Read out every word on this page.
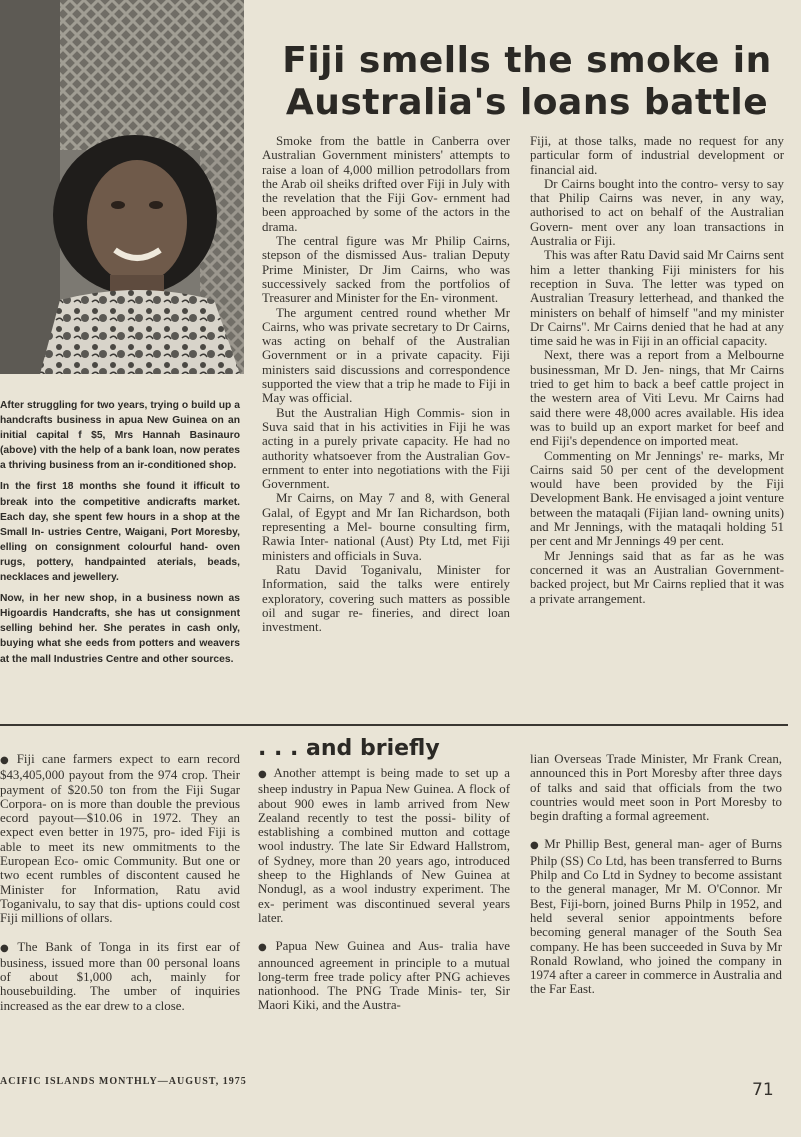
After struggling for two years, trying o build up a handcrafts business in apua New Guinea on an initial capital f $5, Mrs Hannah Basinauro (above) vith the help of a bank loan, now perates a thriving business from an ir-conditioned shop.

In the first 18 months she found it ifficult to break into the competitive andicrafts market. Each day, she spent few hours in a shop at the Small In- ustries Centre, Waigani, Port Moresby, elling on consignment colourful hand- oven rugs, pottery, handpainted aterials, beads, necklaces and jewellery.

Now, in her new shop, in a business nown as Higoardis Handcrafts, she has ut consignment selling behind her. She perates in cash only, buying what she eeds from potters and weavers at the mall Industries Centre and other sources.

Fiji smells the smoke in
Australia's loans battle

Smoke from the battle in Canberra over Australian Government ministers' attempts to raise a loan of 4,000 million petrodollars from the Arab oil sheiks drifted over Fiji in July with the revelation that the Fiji Gov- ernment had been approached by some of the actors in the drama.

The central figure was Mr Philip Cairns, stepson of the dismissed Aus- tralian Deputy Prime Minister, Dr Jim Cairns, who was successively sacked from the portfolios of Treasurer and Minister for the En- vironment.

The argument centred round whether Mr Cairns, who was private secretary to Dr Cairns, was acting on behalf of the Australian Government or in a private capacity. Fiji ministers said discussions and correspondence supported the view that a trip he made to Fiji in May was official.

But the Australian High Commis- sion in Suva said that in his activities in Fiji he was acting in a purely private capacity. He had no authority whatsoever from the Australian Gov- ernment to enter into negotiations with the Fiji Government.

Mr Cairns, on May 7 and 8, with General Galal, of Egypt and Mr Ian Richardson, both representing a Mel- bourne consulting firm, Rawia Inter- national (Aust) Pty Ltd, met Fiji ministers and officials in Suva.

Ratu David Toganivalu, Minister for Information, said the talks were entirely exploratory, covering such matters as possible oil and sugar re- fineries, and direct loan investment.

Fiji, at those talks, made no request for any particular form of industrial development or financial aid.

Dr Cairns bought into the contro- versy to say that Philip Cairns was never, in any way, authorised to act on behalf of the Australian Govern- ment over any loan transactions in Australia or Fiji.

This was after Ratu David said Mr Cairns sent him a letter thanking Fiji ministers for his reception in Suva. The letter was typed on Australian Treasury letterhead, and thanked the ministers on behalf of himself "and my minister Dr Cairns". Mr Cairns denied that he had at any time said he was in Fiji in an official capacity.

Next, there was a report from a Melbourne businessman, Mr D. Jen- nings, that Mr Cairns tried to get him to back a beef cattle project in the western area of Viti Levu. Mr Cairns had said there were 48,000 acres available. His idea was to build up an export market for beef and end Fiji's dependence on imported meat.

Commenting on Mr Jennings' re- marks, Mr Cairns said 50 per cent of the development would have been provided by the Fiji Development Bank. He envisaged a joint venture between the mataqali (Fijian land- owning units) and Mr Jennings, with the mataqali holding 51 per cent and Mr Jennings 49 per cent.

Mr Jennings said that as far as he was concerned it was an Australian Government-backed project, but Mr Cairns replied that it was a private arrangement.

● Fiji cane farmers expect to earn record $43,405,000 payout from the 974 crop. Their payment of $20.50 ton from the Fiji Sugar Corpora- on is more than double the previous ecord payout—$10.06 in 1972. They an expect even better in 1975, pro- ided Fiji is able to meet its new ommitments to the European Eco- omic Community. But one or two ecent rumbles of discontent caused he Minister for Information, Ratu avid Toganivalu, to say that dis- uptions could cost Fiji millions of ollars.

● The Bank of Tonga in its first ear of business, issued more than 00 personal loans of about $1,000 ach, mainly for housebuilding. The umber of inquiries increased as the ear drew to a close.

. . . and briefly

● Another attempt is being made to set up a sheep industry in Papua New Guinea. A flock of about 900 ewes in lamb arrived from New Zealand recently to test the possi- bility of establishing a combined mutton and cottage wool industry. The late Sir Edward Hallstrom, of Sydney, more than 20 years ago, introduced sheep to the Highlands of New Guinea at Nondugl, as a wool industry experiment. The ex- periment was discontinued several years later.

● Papua New Guinea and Aus- tralia have announced agreement in principle to a mutual long-term free trade policy after PNG achieves nationhood. The PNG Trade Minis- ter, Sir Maori Kiki, and the Austra-

lian Overseas Trade Minister, Mr Frank Crean, announced this in Port Moresby after three days of talks and said that officials from the two countries would meet soon in Port Moresby to begin drafting a formal agreement.

● Mr Phillip Best, general man- ager of Burns Philp (SS) Co Ltd, has been transferred to Burns Philp and Co Ltd in Sydney to become assistant to the general manager, Mr M. O'Connor. Mr Best, Fiji-born, joined Burns Philp in 1952, and held several senior appointments before becoming general manager of the South Sea company. He has been succeeded in Suva by Mr Ronald Rowland, who joined the company in 1974 after a career in commerce in Australia and the Far East.

ACIFIC ISLANDS MONTHLY—AUGUST, 1975	71
